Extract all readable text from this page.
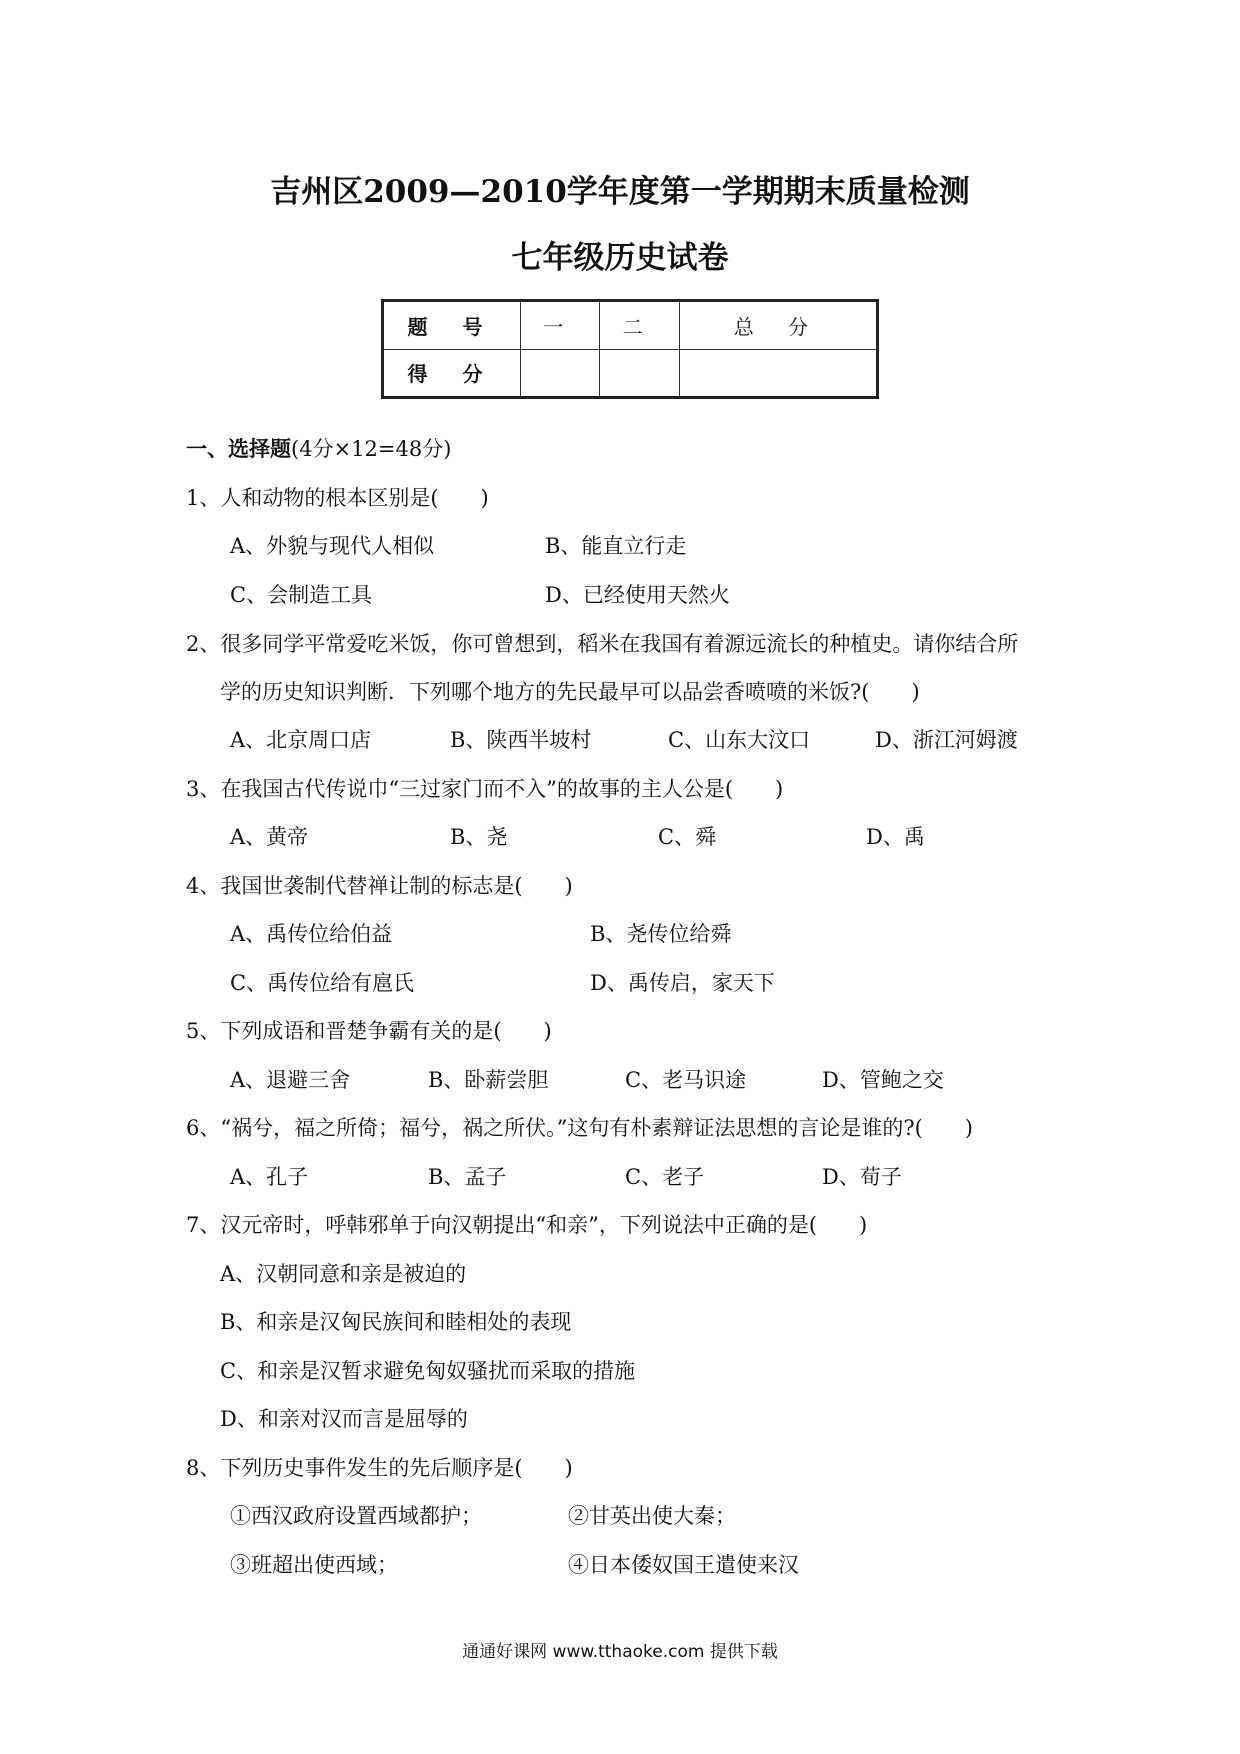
吉州区2009—2010学年度第一学期期末质量检测
七年级历史试卷
题 号	一	二	总 分
得 分			
一、选择题(4分×12=48分)
1、人和动物的根本区别是(　　)
A、外貌与现代人相似	B、能直立行走
C、会制造工具	D、已经使用天然火
2、很多同学平常爱吃米饭，你可曾想到，稻米在我国有着源远流长的种植史。请你结合所
学的历史知识判断．下列哪个地方的先民最早可以品尝香喷喷的米饭?(　　)
A、北京周口店	B、陕西半坡村	C、山东大汶口	D、浙江河姆渡
3、在我国古代传说巾“三过家门而不入”的故事的主人公是(　　)
A、黄帝	B、尧	C、舜	D、禹
4、我国世袭制代替禅让制的标志是(　　)
A、禹传位给伯益	B、尧传位给舜
C、禹传位给有扈氏	D、禹传启，家天下
5、下列成语和晋楚争霸有关的是(　　)
A、退避三舍	B、卧薪尝胆	C、老马识途	D、管鲍之交
6、“祸兮，福之所倚；福兮，祸之所伏。”这句有朴素辩证法思想的言论是谁的?(　　)
A、孔子	B、孟子	C、老子	D、荀子
7、汉元帝时，呼韩邪单于向汉朝提出“和亲”，下列说法中正确的是(　　)
A、汉朝同意和亲是被迫的
B、和亲是汉匈民族间和睦相处的表现
C、和亲是汉暂求避免匈奴骚扰而采取的措施
D、和亲对汉而言是屈辱的
8、下列历史事件发生的先后顺序是(　　)
①西汉政府设置西域都护；	②甘英出使大秦；
③班超出使西域；	④日本倭奴国王遣使来汉
通通好课网 www.tthaoke.com 提供下载
